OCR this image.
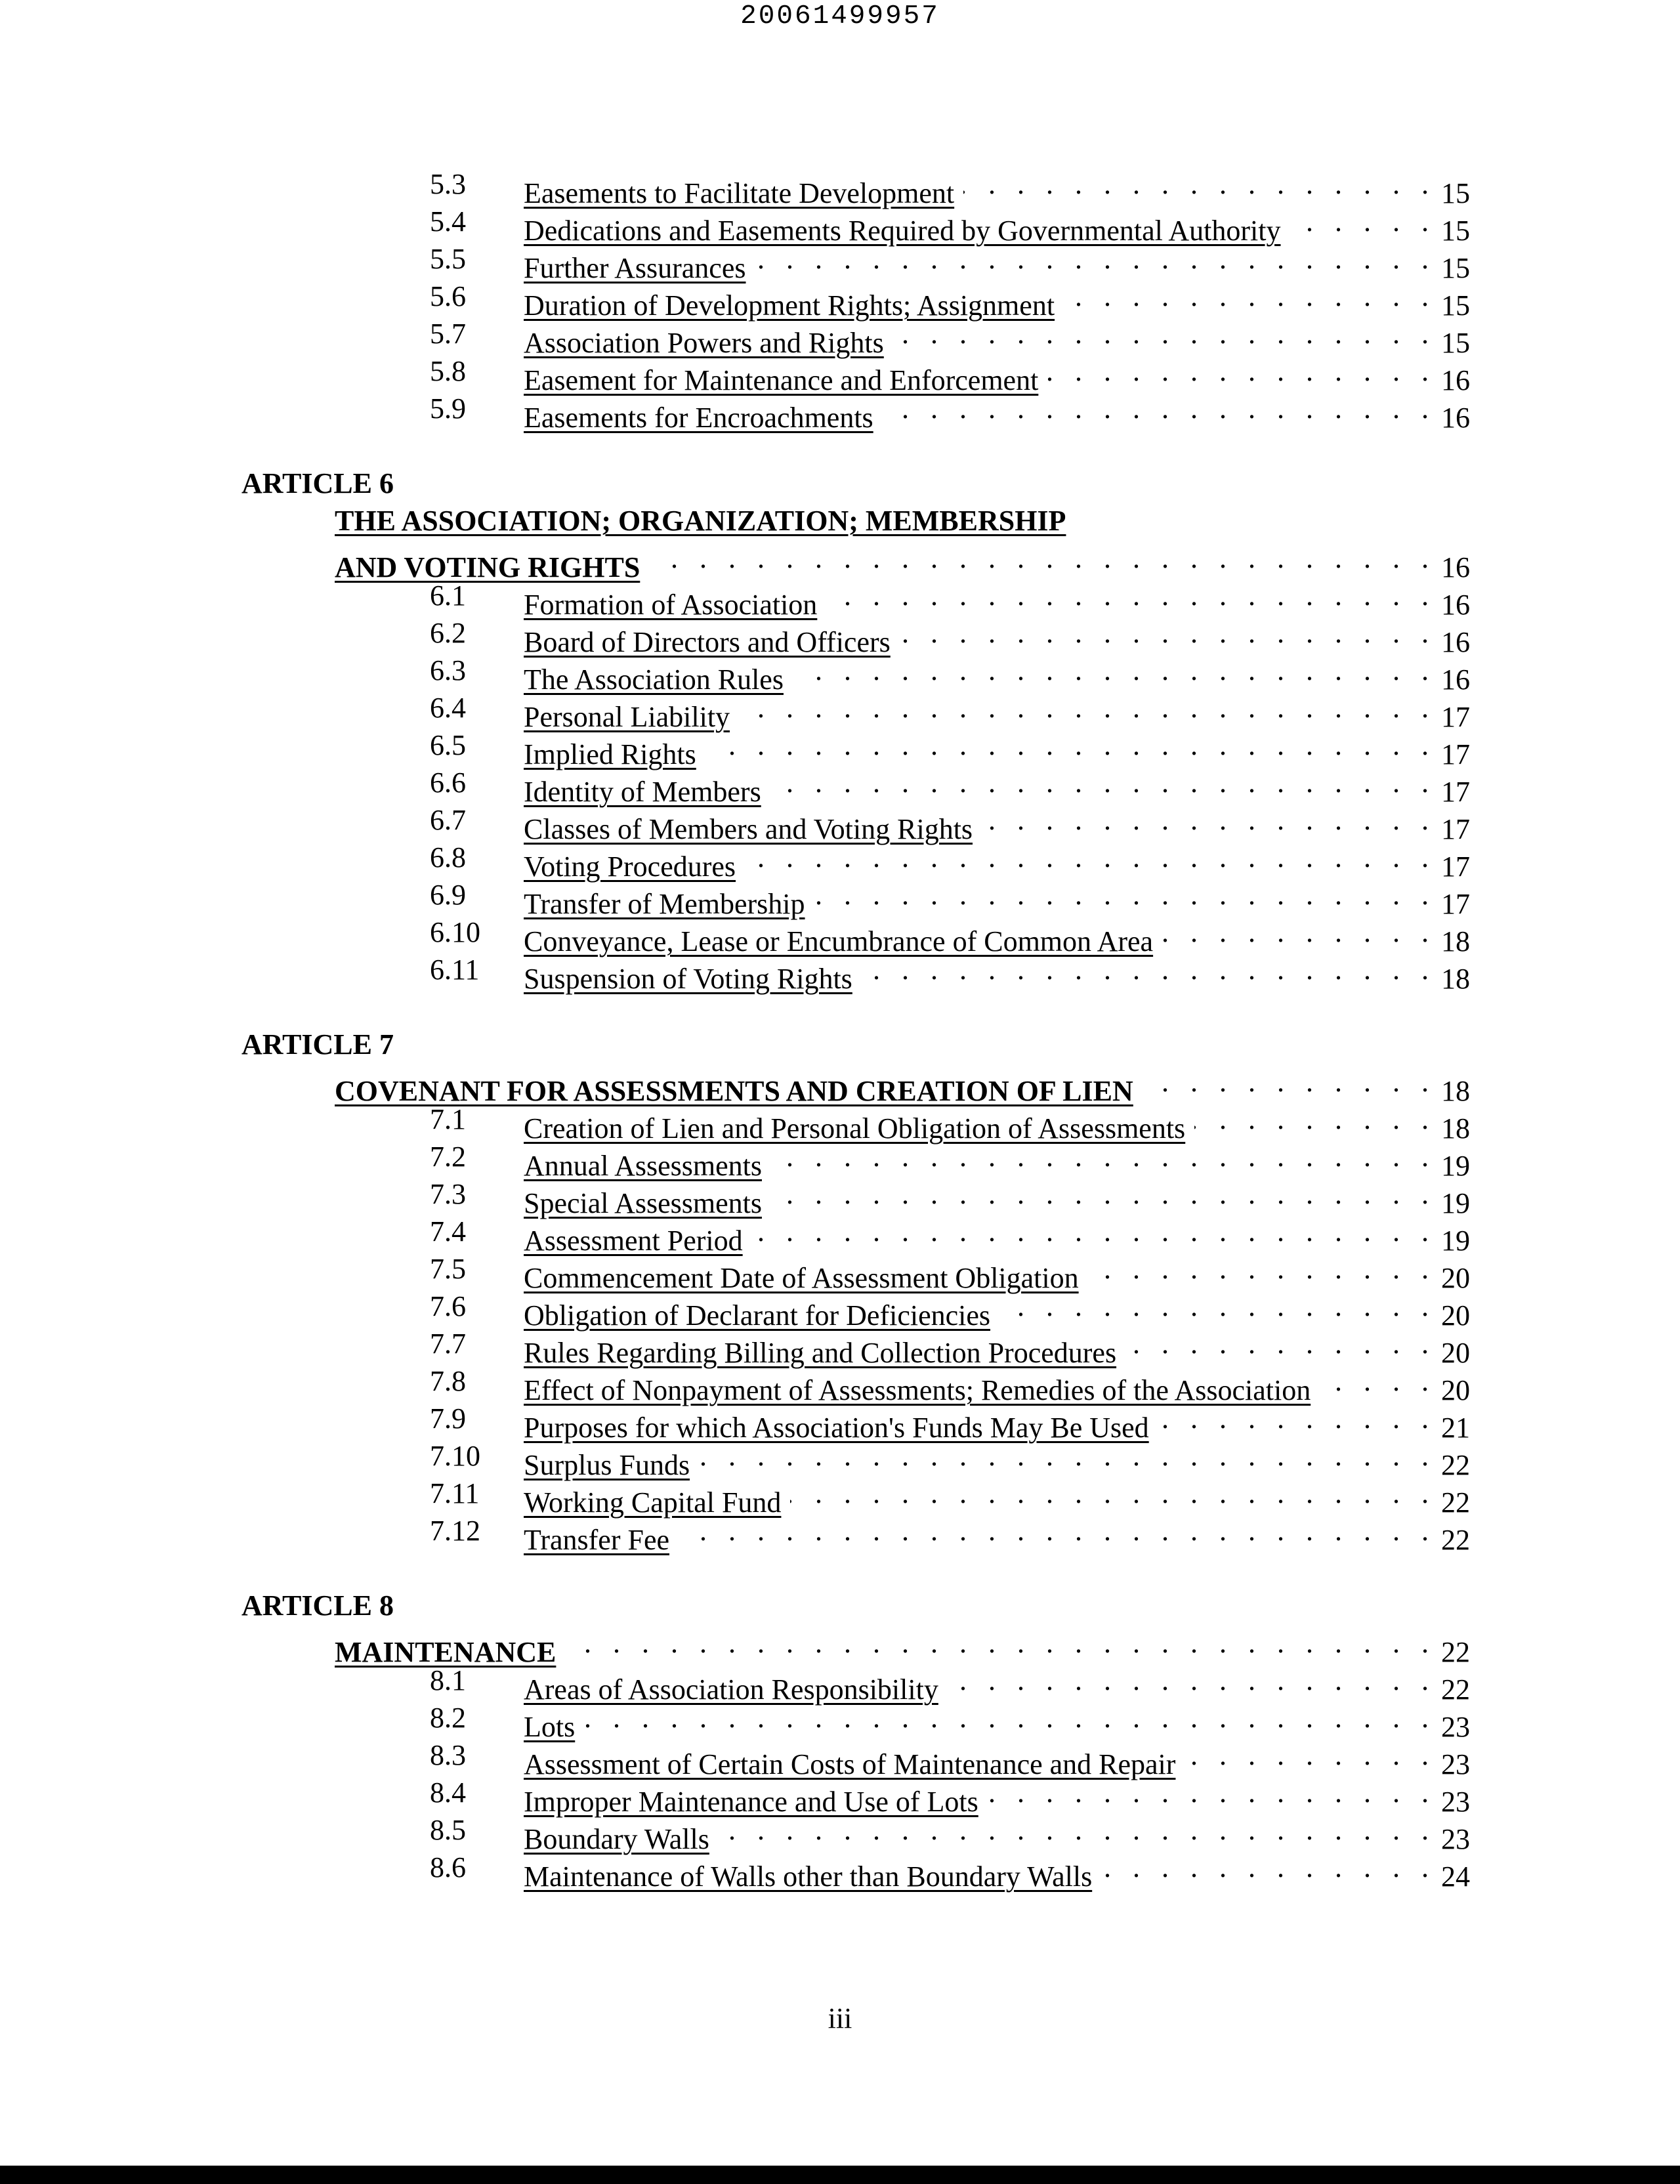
20061499957
5.3	Easements to Facilitate Development . . .	15
5.4	Dedications and Easements Required by Governmental Authority . . .	15
5.5	Further Assurances . . .	15
5.6	Duration of Development Rights; Assignment . . .	15
5.7	Association Powers and Rights . . .	15
5.8	Easement for Maintenance and Enforcement . . .	16
5.9	Easements for Encroachments . . .	16
ARTICLE 6
THE ASSOCIATION; ORGANIZATION; MEMBERSHIP
AND VOTING RIGHTS . . .	16
6.1	Formation of Association . . .	16
6.2	Board of Directors and Officers . . .	16
6.3	The Association Rules . . .	16
6.4	Personal Liability . . .	17
6.5	Implied Rights . . .	17
6.6	Identity of Members . . .	17
6.7	Classes of Members and Voting Rights . . .	17
6.8	Voting Procedures . . .	17
6.9	Transfer of Membership . . .	17
6.10	Conveyance, Lease or Encumbrance of Common Area . . .	18
6.11	Suspension of Voting Rights . . .	18
ARTICLE 7
COVENANT FOR ASSESSMENTS AND CREATION OF LIEN . . .	18
7.1	Creation of Lien and Personal Obligation of Assessments . . .	18
7.2	Annual Assessments . . .	19
7.3	Special Assessments . . .	19
7.4	Assessment Period . . .	19
7.5	Commencement Date of Assessment Obligation . . .	20
7.6	Obligation of Declarant for Deficiencies . . .	20
7.7	Rules Regarding Billing and Collection Procedures . . .	20
7.8	Effect of Nonpayment of Assessments; Remedies of the Association . . .	20
7.9	Purposes for which Association's Funds May Be Used . . .	21
7.10	Surplus Funds . . .	22
7.11	Working Capital Fund . . .	22
7.12	Transfer Fee . . .	22
ARTICLE 8
MAINTENANCE . . .	22
8.1	Areas of Association Responsibility . . .	22
8.2	Lots . . .	23
8.3	Assessment of Certain Costs of Maintenance and Repair . . .	23
8.4	Improper Maintenance and Use of Lots . . .	23
8.5	Boundary Walls . . .	23
8.6	Maintenance of Walls other than Boundary Walls . . .	24
iii
